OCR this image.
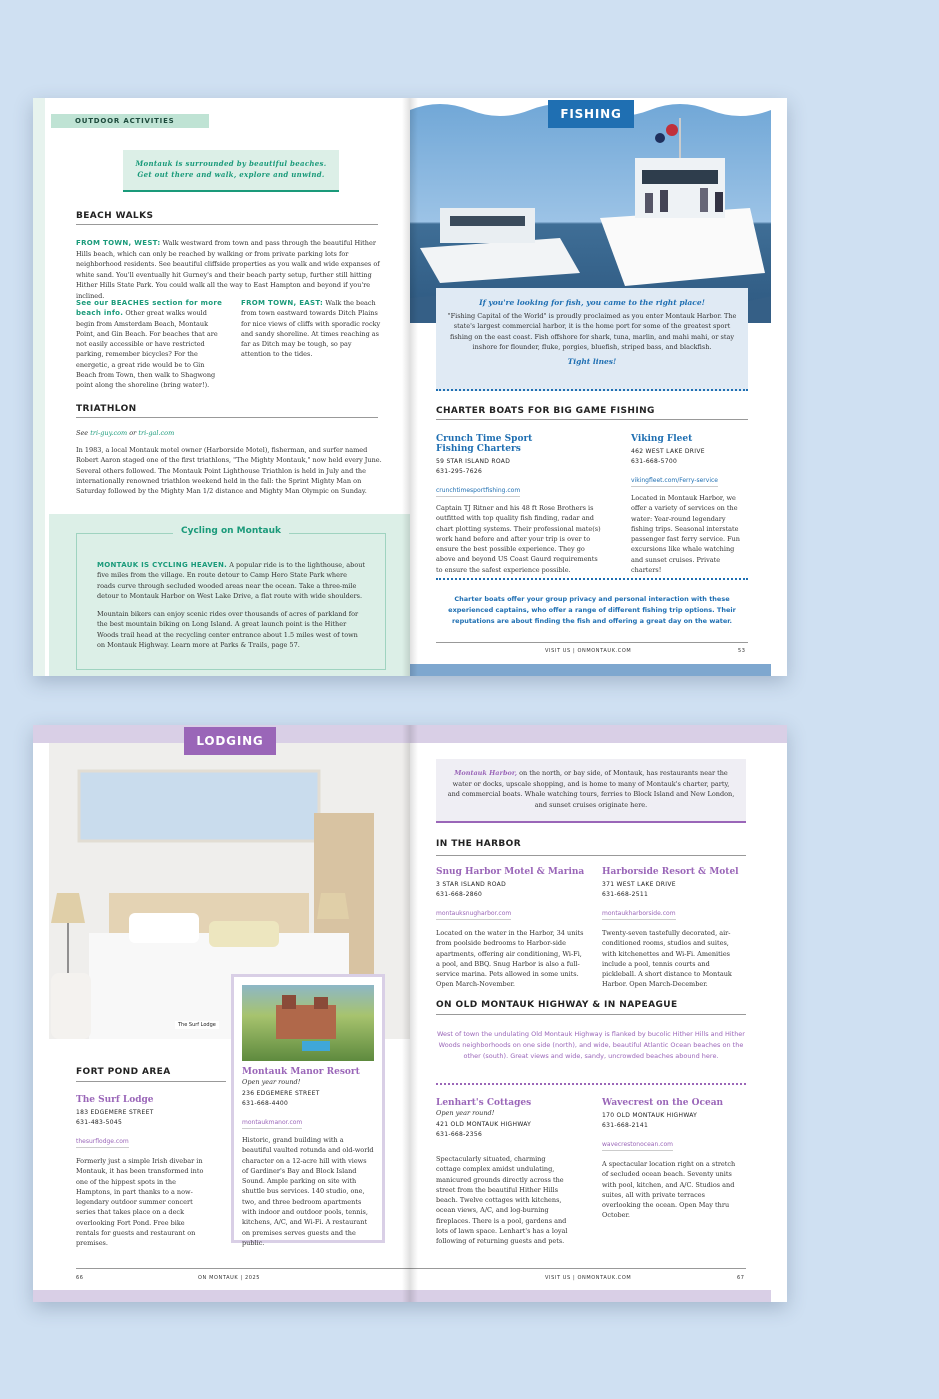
OUTDOOR ACTIVITIES
Montauk is surrounded by beautiful beaches. Get out there and walk, explore and unwind.
BEACH WALKS
FROM TOWN, WEST: Walk westward from town and pass through the beautiful Hither Hills beach, which can only be reached by walking or from private parking lots for neighborhood residents. See beautiful cliffside properties as you walk and wide expanses of white sand. You'll eventually hit Gurney's and their beach party setup, further still hitting Hither Hills State Park. You could walk all the way to East Hampton and beyond if you're inclined.
See our BEACHES section for more beach info. Other great walks would begin from Amsterdam Beach, Montauk Point, and Gin Beach. For beaches that are not easily accessible or have restricted parking, remember bicycles? For the energetic, a great ride would be to Gin Beach from Town, then walk to Shagwong point along the shoreline (bring water!).
FROM TOWN, EAST: Walk the beach from town eastward towards Ditch Plains for nice views of cliffs with sporadic rocky and sandy shoreline. At times reaching as far as Ditch may be tough, so pay attention to the tides.
TRIATHLON
See tri-guy.com or tri-gal.com
In 1983, a local Montauk motel owner (Harborside Motel), fisherman, and surfer named Robert Aaron staged one of the first triathlons, "The Mighty Montauk," now held every June. Several others followed. The Montauk Point Lighthouse Triathlon is held in July and the internationally renowned triathlon weekend held in the fall: the Sprint Mighty Man on Saturday followed by the Mighty Man 1/2 distance and Mighty Man Olympic on Sunday.
Cycling on Montauk
MONTAUK IS CYCLING HEAVEN. A popular ride is to the lighthouse, about five miles from the village. En route detour to Camp Hero State Park where roads curve through secluded wooded areas near the ocean. Take a three-mile detour to Montauk Harbor on West Lake Drive, a flat route with wide shoulders.
Mountain bikers can enjoy scenic rides over thousands of acres of parkland for the best mountain biking on Long Island. A great launch point is the Hither Woods trail head at the recycling center entrance about 1.5 miles west of town on Montauk Highway. Learn more at Parks & Trails, page 57.
FISHING
If you're looking for fish, you came to the right place!
"Fishing Capital of the World" is proudly proclaimed as you enter Montauk Harbor. The state's largest commercial harbor, it is the home port for some of the greatest sport fishing on the east coast. Fish offshore for shark, tuna, marlin, and mahi mahi, or stay inshore for flounder, fluke, porgies, bluefish, striped bass, and blackfish.
Tight lines!
CHARTER BOATS FOR BIG GAME FISHING
Crunch Time Sport Fishing Charters
59 STAR ISLAND ROAD
631-295-7626
crunchtimesportfishing.com
Captain TJ Ritner and his 48 ft Rose Brothers is outfitted with top quality fish finding, radar and chart plotting systems. Their professional mate(s) work hand before and after your trip is over to ensure the best possible experience. They go above and beyond US Coast Gaurd requirements to ensure the safest experience possible.
Viking Fleet
462 WEST LAKE DRIVE
631-668-5700
vikingfleet.com/Ferry-service
Located in Montauk Harbor, we offer a variety of services on the water: Year-round legendary fishing trips. Seasonal interstate passenger fast ferry service. Fun excursions like whale watching and sunset cruises. Private charters!
Charter boats offer your group privacy and personal interaction with these experienced captains, who offer a range of different fishing trip options. Their reputations are about finding the fish and offering a great day on the water.
VISIT US | ONMONTAUK.COM	53
The Surf Lodge
LODGING
FORT POND AREA
The Surf Lodge
183 EDGEMERE STREET
631-483-5045
thesurflodge.com
Formerly just a simple Irish divebar in Montauk, it has been transformed into one of the hippest spots in the Hamptons, in part thanks to a now-legendary outdoor summer concert series that takes place on a deck overlooking Fort Pond. Free bike rentals for guests and restaurant on premises.
Montauk Manor Resort
Open year round!
236 EDGEMERE STREET
631-668-4400
montaukmanor.com
Historic, grand building with a beautiful vaulted rotunda and old-world character on a 12-acre hill with views of Gardiner's Bay and Block Island Sound. Ample parking on site with shuttle bus services. 140 studio, one, two, and three bedroom apartments with indoor and outdoor pools, tennis, kitchens, A/C, and Wi-Fi. A restaurant on premises serves guests and the public.
66	ON MONTAUK | 2025
Montauk Harbor, on the north, or bay side, of Montauk, has restaurants near the water or docks, upscale shopping, and is home to many of Montauk's charter, party, and commercial boats. Whale watching tours, ferries to Block Island and New London, and sunset cruises originate here.
IN THE HARBOR
Snug Harbor Motel & Marina
3 STAR ISLAND ROAD
631-668-2860
montauksnugharbor.com
Located on the water in the Harbor, 34 units from poolside bedrooms to Harbor-side apartments, offering air conditioning, Wi-Fi, a pool, and BBQ. Snug Harbor is also a full-service marina. Pets allowed in some units. Open March-November.
Harborside Resort & Motel
371 WEST LAKE DRIVE
631-668-2511
montaukharborside.com
Twenty-seven tastefully decorated, air-conditioned rooms, studios and suites, with kitchenettes and Wi-Fi. Amenities include a pool, tennis courts and pickleball. A short distance to Montauk Harbor. Open March-December.
ON OLD MONTAUK HIGHWAY & IN NAPEAGUE
West of town the undulating Old Montauk Highway is flanked by bucolic Hither Hills and Hither Woods neighborhoods on one side (north), and wide, beautiful Atlantic Ocean beaches on the other (south). Great views and wide, sandy, uncrowded beaches abound here.
Lenhart's Cottages
Open year round!
421 OLD MONTAUK HIGHWAY
631-668-2356
Spectacularly situated, charming cottage complex amidst undulating, manicured grounds directly across the street from the beautiful Hither Hills beach. Twelve cottages with kitchens, ocean views, A/C, and log-burning fireplaces. There is a pool, gardens and lots of lawn space. Lenhart's has a loyal following of returning guests and pets.
Wavecrest on the Ocean
170 OLD MONTAUK HIGHWAY
631-668-2141
wavecrestonocean.com
A spectacular location right on a stretch of secluded ocean beach. Seventy units with pool, kitchen, and A/C. Studios and suites, all with private terraces overlooking the ocean. Open May thru October.
VISIT US | ONMONTAUK.COM	67
